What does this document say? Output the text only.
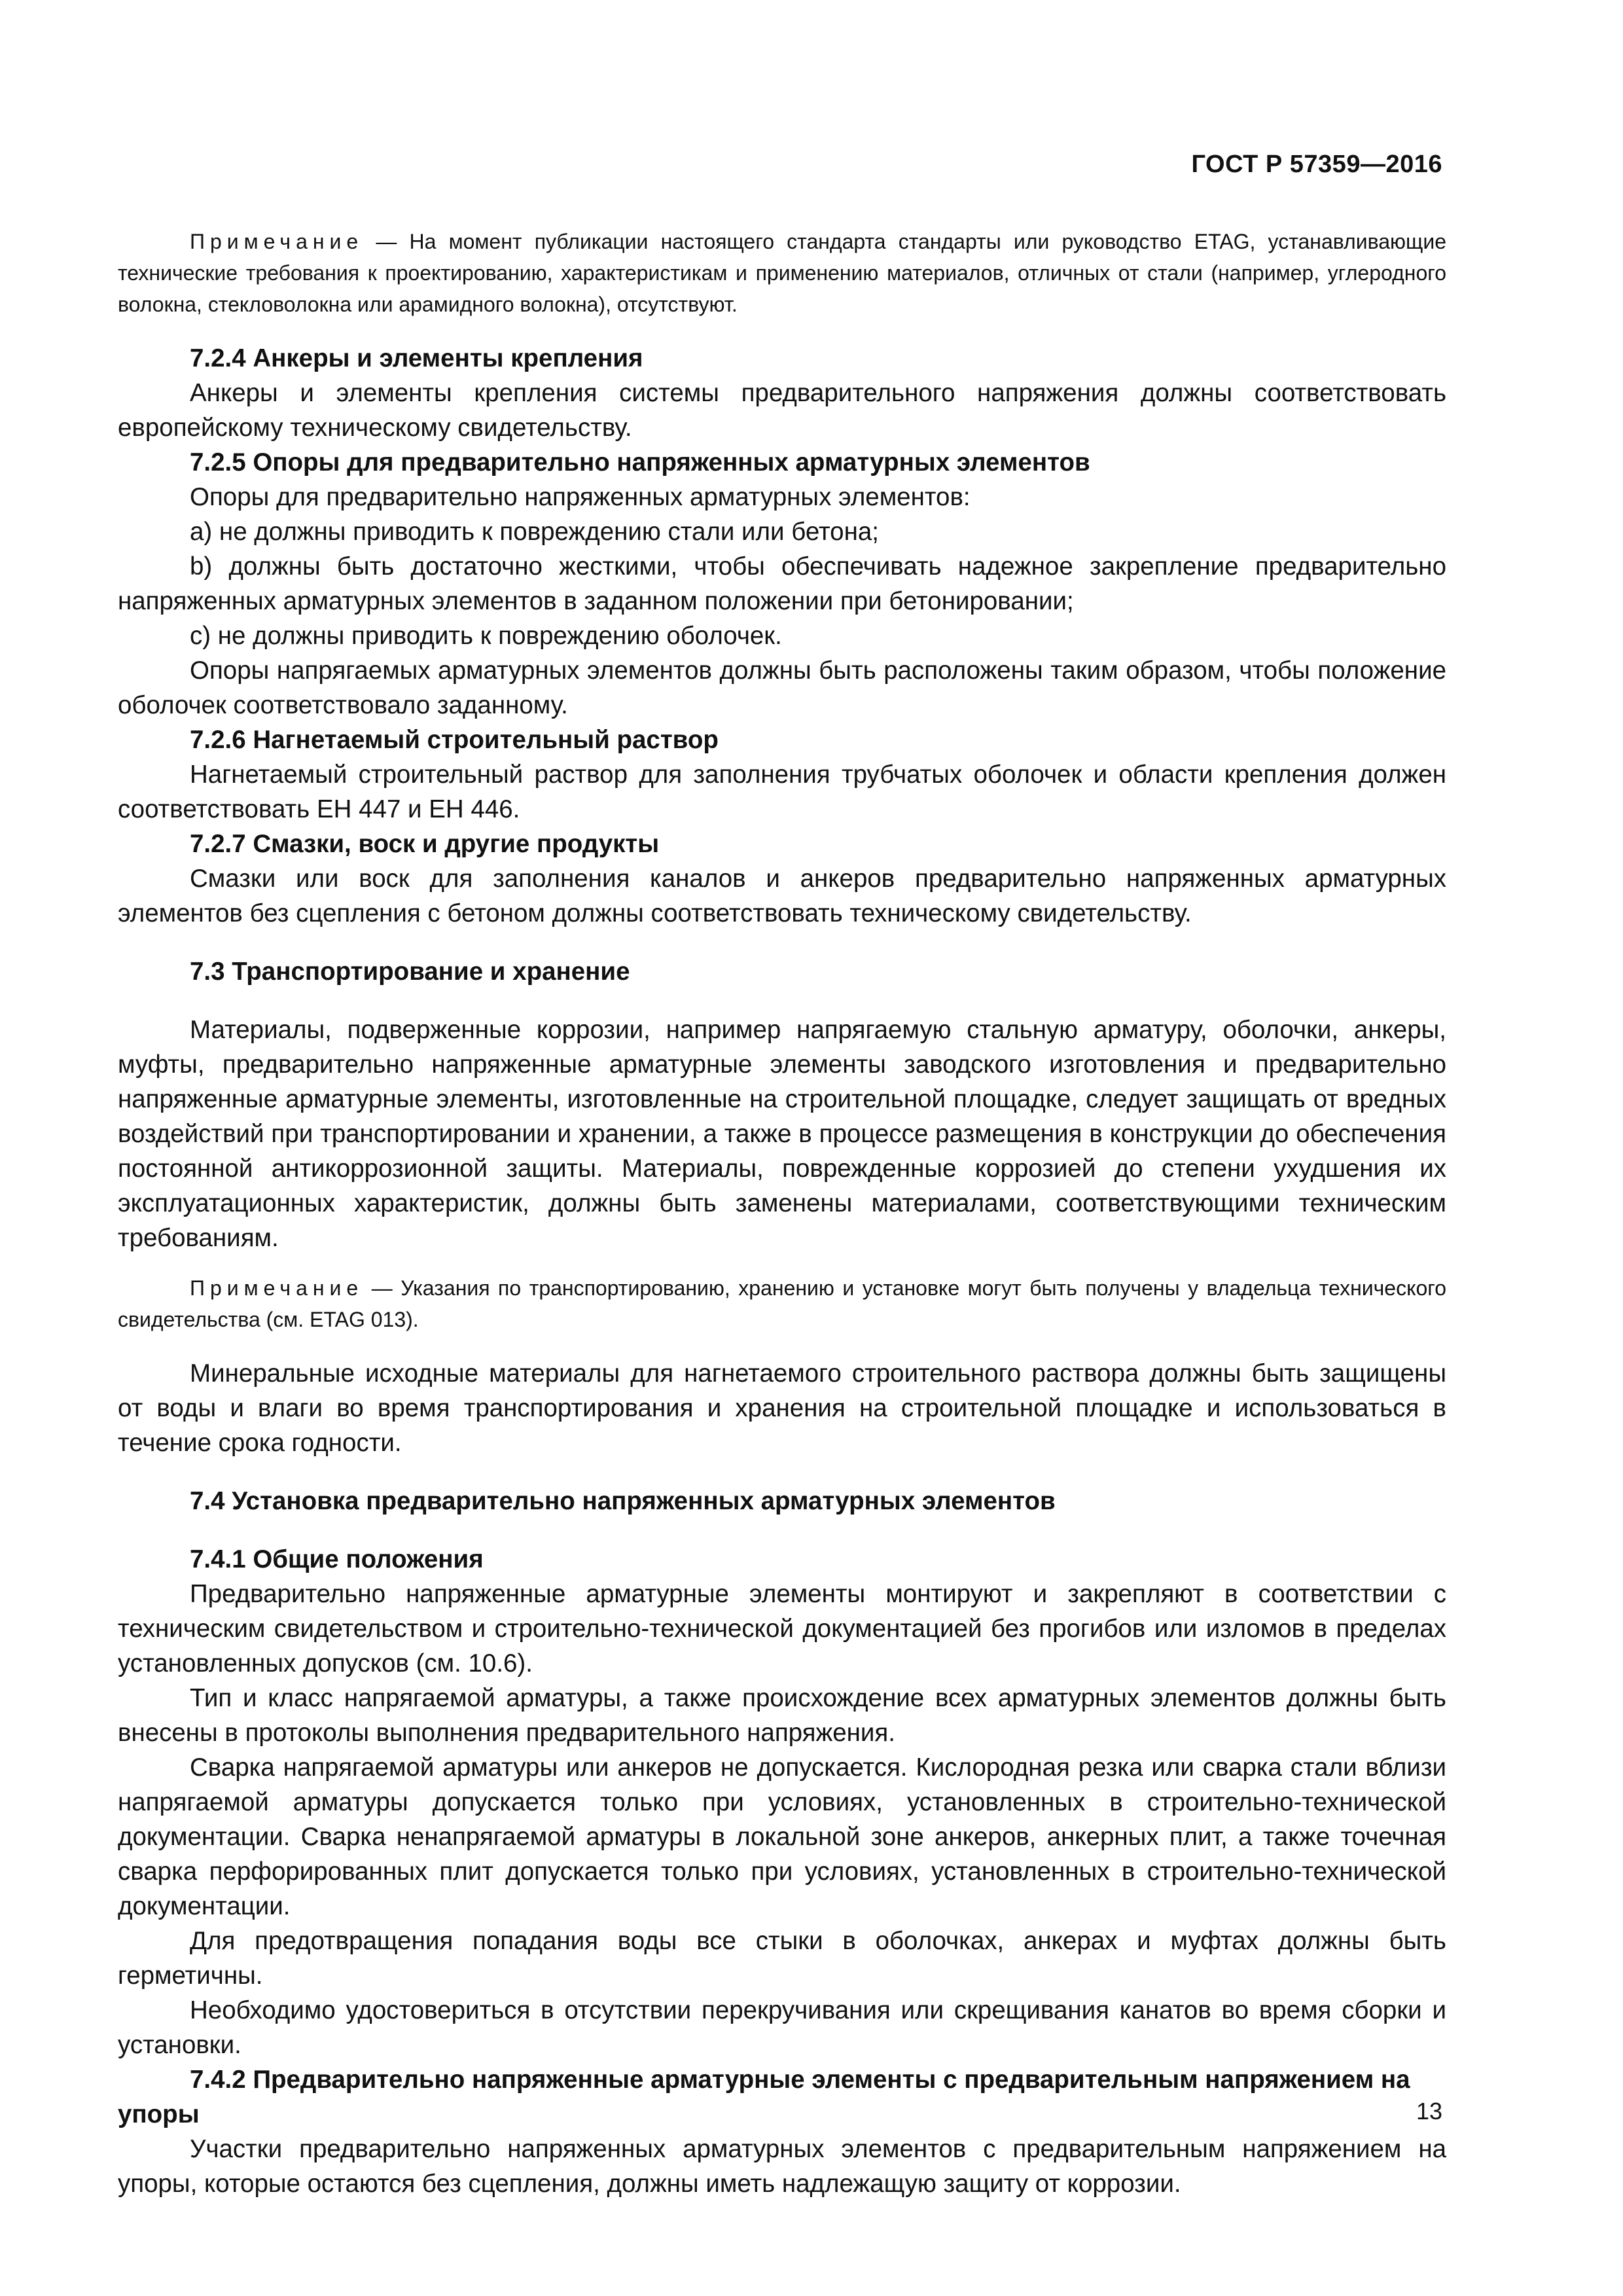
ГОСТ Р 57359—2016

Примечание — На момент публикации настоящего стандарта стандарты или руководство ETAG, устанавливающие технические требования к проектированию, характеристикам и применению материалов, отличных от стали (например, углеродного волокна, стекловолокна или арамидного волокна), отсутствуют.

7.2.4 Анкеры и элементы крепления

Анкеры и элементы крепления системы предварительного напряжения должны соответствовать европейскому техническому свидетельству.

7.2.5 Опоры для предварительно напряженных арматурных элементов

Опоры для предварительно напряженных арматурных элементов:

a) не должны приводить к повреждению стали или бетона;

b) должны быть достаточно жесткими, чтобы обеспечивать надежное закрепление предварительно напряженных арматурных элементов в заданном положении при бетонировании;

c) не должны приводить к повреждению оболочек.

Опоры напрягаемых арматурных элементов должны быть расположены таким образом, чтобы положение оболочек соответствовало заданному.

7.2.6 Нагнетаемый строительный раствор

Нагнетаемый строительный раствор для заполнения трубчатых оболочек и области крепления должен соответствовать ЕН 447 и ЕН 446.

7.2.7 Смазки, воск и другие продукты

Смазки или воск для заполнения каналов и анкеров предварительно напряженных арматурных элементов без сцепления с бетоном должны соответствовать техническому свидетельству.

7.3 Транспортирование и хранение

Материалы, подверженные коррозии, например напрягаемую стальную арматуру, оболочки, анкеры, муфты, предварительно напряженные арматурные элементы заводского изготовления и предварительно напряженные арматурные элементы, изготовленные на строительной площадке, следует защищать от вредных воздействий при транспортировании и хранении, а также в процессе размещения в конструкции до обеспечения постоянной антикоррозионной защиты. Материалы, поврежденные коррозией до степени ухудшения их эксплуатационных характеристик, должны быть заменены материалами, соответствующими техническим требованиям.

Примечание — Указания по транспортированию, хранению и установке могут быть получены у владельца технического свидетельства (см. ETAG 013).

Минеральные исходные материалы для нагнетаемого строительного раствора должны быть защищены от воды и влаги во время транспортирования и хранения на строительной площадке и использоваться в течение срока годности.

7.4 Установка предварительно напряженных арматурных элементов

7.4.1 Общие положения

Предварительно напряженные арматурные элементы монтируют и закрепляют в соответствии с техническим свидетельством и строительно-технической документацией без прогибов или изломов в пределах установленных допусков (см. 10.6).

Тип и класс напрягаемой арматуры, а также происхождение всех арматурных элементов должны быть внесены в протоколы выполнения предварительного напряжения.

Сварка напрягаемой арматуры или анкеров не допускается. Кислородная резка или сварка стали вблизи напрягаемой арматуры допускается только при условиях, установленных в строительно-технической документации. Сварка ненапрягаемой арматуры в локальной зоне анкеров, анкерных плит, а также точечная сварка перфорированных плит допускается только при условиях, установленных в строительно-технической документации.

Для предотвращения попадания воды все стыки в оболочках, анкерах и муфтах должны быть герметичны.

Необходимо удостовериться в отсутствии перекручивания или скрещивания канатов во время сборки и установки.

7.4.2 Предварительно напряженные арматурные элементы с предварительным напряжением на упоры

Участки предварительно напряженных арматурных элементов с предварительным напряжением на упоры, которые остаются без сцепления, должны иметь надлежащую защиту от коррозии.

13
